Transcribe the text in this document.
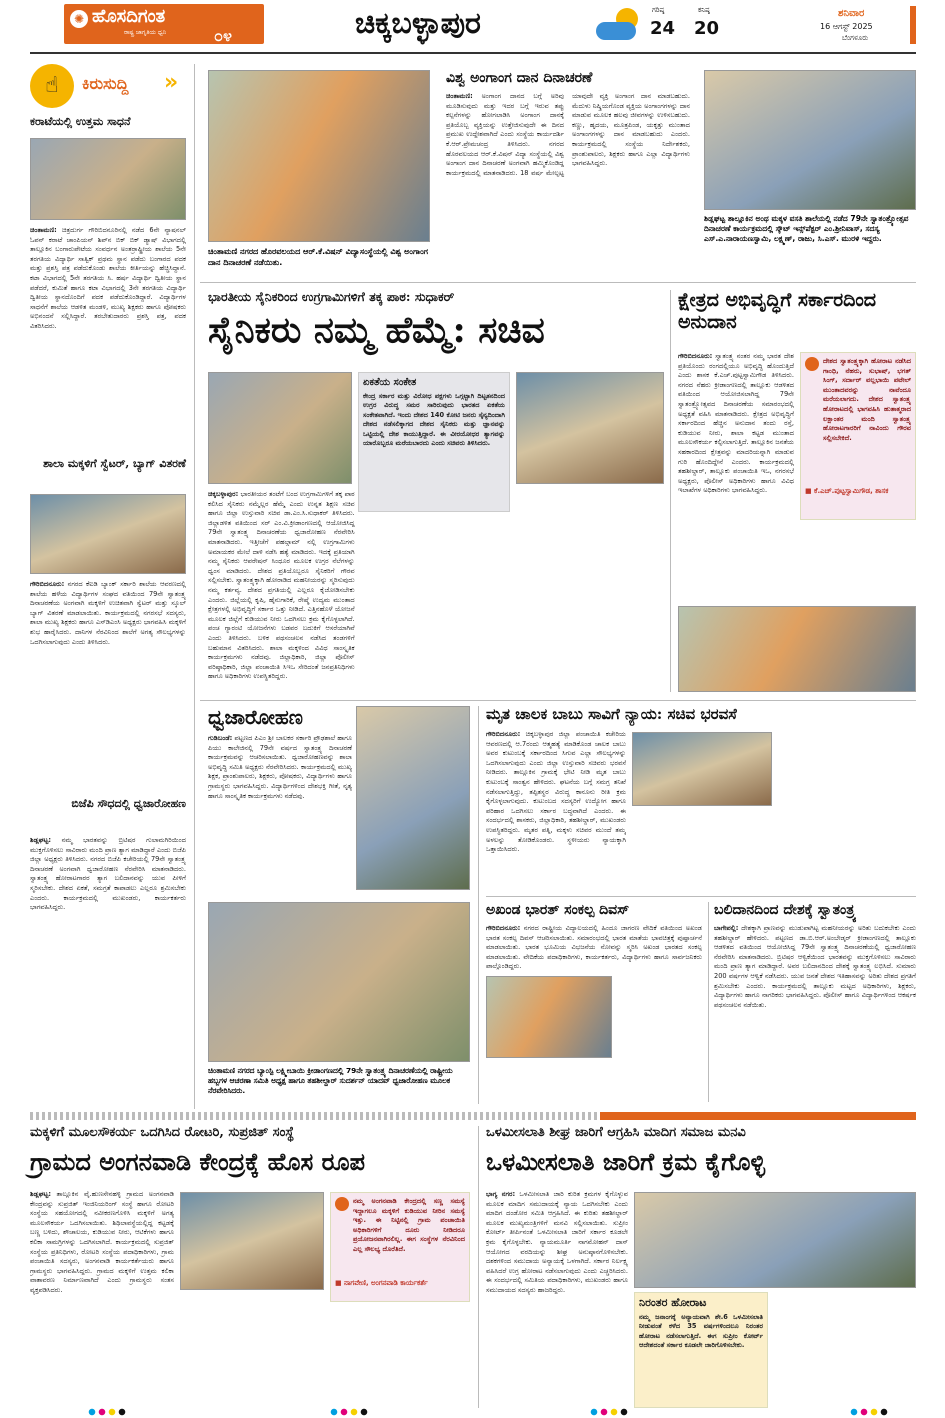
✺ ಹೊಸದಿಗಂತ
ರಾಷ್ಟ್ರ ಜಾಗೃತಿಯ ಧ್ವನಿ	೦೪	ಚಿಕ್ಕಬಳ್ಳಾಪುರ	ಗರಿಷ್ಠ
24
ಕನಿಷ್ಠ
20
ಶನಿವಾರ
16 ಆಗಸ್ಟ್ 2025
ಬೆಂಗಳೂರು
☝	ಕಿರುಸುದ್ದಿ »
ಕರಾಟೆಯಲ್ಲಿ ಉತ್ತಮ ಸಾಧನೆ
ಚಿಂತಾಮಣಿ: ಚಿತ್ರದುರ್ಗ ಗೌರಿಬಿದನೂರಿನಲ್ಲಿ ನಡೆದ 6ನೇ ನ್ಯಾಷನಲ್ ಓಪನ್ ಕರಾಟೆ ಚಾಂಪಿಯನ್ ಶಿಪ್‌ನ ಬಿಕ್ ಬಿಕ್ ಡ್ಯಾಷ್ ವಿಭಾಗದಲ್ಲಿ ತಾಲ್ಲೂಕಿನ ಬಂಗಾರುಪೇಟೆಯ ಸಂವರ್ಧನ ಅಂತರ್ರಾಷ್ಟ್ರೀಯ ಶಾಲೆಯ 5ನೇ ತರಗತಿಯ ವಿದ್ಯಾರ್ಥಿ ಸಾತ್ವಿಕ್ ಪ್ರಥಮ ಸ್ಥಾನ ಪಡೆದು ಬಂಗಾರದ ಪದಕ ಮತ್ತು ಪ್ರಶಸ್ತಿ ಪತ್ರ ಪಡೆದುಕೊಂಡು ಶಾಲೆಯ ಕೀರ್ತಿಯನ್ನು ಹೆಚ್ಚಿಸಿದ್ದಾನೆ. ಕಟಾ ವಿಭಾಗದಲ್ಲಿ 5ನೇ ತರಗತಿಯ ಸಿ. ಹರ್ಷ ವಿದ್ಯಾರ್ಥಿ ದ್ವಿತೀಯ ಸ್ಥಾನ ಪಡೆದರೆ, ಕುಮಿತೆ ಹಾಗೂ ಕಟಾ ವಿಭಾಗದಲ್ಲಿ 3ನೇ ತರಗತಿಯ ವಿದ್ಯಾರ್ಥಿ ದ್ವಿತೀಯ ಸ್ಥಾನದೊಂದಿಗೆ ಪದಕ ಪಡೆದುಕೊಂಡಿದ್ದಾರೆ. ವಿದ್ಯಾರ್ಥಿಗಳ ಸಾಧನೆಗೆ ಶಾಲೆಯ ಆಡಳಿತ ಮಂಡಳಿ, ಮುಖ್ಯ ಶಿಕ್ಷಕರು ಹಾಗೂ ಪೋಷಕರು ಅಭಿನಂದನೆ ಸಲ್ಲಿಸಿದ್ದಾರೆ. ತರಬೇತುದಾರರು ಪ್ರಶಸ್ತಿ ಪತ್ರ, ಪದಕ ವಿತರಿಸಿದರು.
ಶಾಲಾ ಮಕ್ಕಳಿಗೆ ಸ್ವೆಟರ್, ಬ್ಯಾಗ್ ವಿತರಣೆ
ಗೌರಿಬಿದನೂರು: ನಗರದ ಕೆಐಡಿ ಬ್ಯಾಂಕ್ ಸರ್ಕಾರಿ ಶಾಲೆಯ ಆವರಣದಲ್ಲಿ ಶಾಲೆಯ ಹಳೆಯ ವಿದ್ಯಾರ್ಥಿಗಳ ಸಂಘದ ವತಿಯಿಂದ 79ನೇ ಸ್ವಾತಂತ್ರ್ಯ ದಿನಾಚರಣೆಯ ಅಂಗವಾಗಿ ಮಕ್ಕಳಿಗೆ ಉಚಿತವಾಗಿ ಸ್ವೆಟರ್ ಮತ್ತು ಸ್ಕೂಲ್ ಬ್ಯಾಗ್ ವಿತರಣೆ ಮಾಡಲಾಯಿತು. ಕಾರ್ಯಕ್ರಮದಲ್ಲಿ ನಗರಸಭೆ ಸದಸ್ಯರು, ಶಾಲಾ ಮುಖ್ಯ ಶಿಕ್ಷಕರು ಹಾಗೂ ಎಸ್‌ಡಿಎಂಸಿ ಅಧ್ಯಕ್ಷರು ಭಾಗವಹಿಸಿ ಮಕ್ಕಳಿಗೆ ಶುಭ ಹಾರೈಸಿದರು. ದಾನಿಗಳ ನೆರವಿನಿಂದ ಶಾಲೆಗೆ ಅಗತ್ಯ ಸೌಲಭ್ಯಗಳನ್ನು ಒದಗಿಸಲಾಗುವುದು ಎಂದು ತಿಳಿಸಿದರು.
ಬಿಜೆಪಿ ಸೌಧದಲ್ಲಿ ಧ್ವಜಾರೋಹಣ
ಶಿಡ್ಲಘಟ್ಟ: ನಮ್ಮ ಭಾರತವನ್ನು ಬ್ರಿಟಿಷರ ಗುಲಾಮಗಿರಿಯಿಂದ ಮುಕ್ತಗೊಳಿಸಲು ಸಾವಿರಾರು ಮಂದಿ ಪ್ರಾಣ ತ್ಯಾಗ ಮಾಡಿದ್ದಾರೆ ಎಂದು ಬಿಜೆಪಿ ಜಿಲ್ಲಾ ಅಧ್ಯಕ್ಷರು ತಿಳಿಸಿದರು. ನಗರದ ಬಿಜೆಪಿ ಕಚೇರಿಯಲ್ಲಿ 79ನೇ ಸ್ವಾತಂತ್ರ್ಯ ದಿನಾಚರಣೆ ಅಂಗವಾಗಿ ಧ್ವಜಾರೋಹಣ ನೆರವೇರಿಸಿ ಮಾತನಾಡಿದರು. ಸ್ವಾತಂತ್ರ್ಯ ಹೋರಾಟಗಾರರ ತ್ಯಾಗ ಬಲಿದಾನವನ್ನು ಯುವ ಪೀಳಿಗೆ ಸ್ಮರಿಸಬೇಕು. ದೇಶದ ಏಕತೆ, ಸಮಗ್ರತೆ ಕಾಪಾಡಲು ಎಲ್ಲರೂ ಶ್ರಮಿಸಬೇಕು ಎಂದರು. ಕಾರ್ಯಕ್ರಮದಲ್ಲಿ ಮುಖಂಡರು, ಕಾರ್ಯಕರ್ತರು ಭಾಗವಹಿಸಿದ್ದರು.
ಚಿಂತಾಮಣಿ ನಗರದ ಹೊರವಲಯದ ಆರ್.ಕೆ.ವಿಷನ್ ವಿದ್ಯಾಸಂಸ್ಥೆಯಲ್ಲಿ ವಿಶ್ವ ಅಂಗಾಂಗ ದಾನ ದಿನಾಚರಣೆ ನಡೆಯಿತು.
ವಿಶ್ವ ಅಂಗಾಂಗ ದಾನ ದಿನಾಚರಣೆ
ಚಿಂತಾಮಣಿ: ಅಂಗಾಂಗ ದಾನದ ಬಗ್ಗೆ ಅರಿವು ಮೂಡಿಸುವುದು ಮತ್ತು ಇದರ ಬಗ್ಗೆ ಇರುವ ತಪ್ಪು ಕಲ್ಪನೆಗಳನ್ನು ಹೋಗಲಾಡಿಸಿ ಅಂಗಾಂಗ ದಾನಕ್ಕೆ ಪ್ರತಿಯೊಬ್ಬ ವ್ಯಕ್ತಿಯನ್ನು ಉತ್ತೇಜಿಸುವುದೇ ಈ ದಿನದ ಪ್ರಮುಖ ಉದ್ದೇಶವಾಗಿದೆ ಎಂದು ಸಂಸ್ಥೆಯ ಕಾರ್ಯದರ್ಶಿ ಕೆ.ಆರ್.ಪ್ರೇಮಚಂದ್ರ ತಿಳಿಸಿದರು. ನಗರದ ಹೊರವಲಯದ ಆರ್.ಕೆ.ವಿಷನ್ ವಿದ್ಯಾ ಸಂಸ್ಥೆಯಲ್ಲಿ ವಿಶ್ವ ಅಂಗಾಂಗ ದಾನ ದಿನಾಚರಣೆ ಅಂಗವಾಗಿ ಹಮ್ಮಿಕೊಂಡಿದ್ದ ಕಾರ್ಯಕ್ರಮದಲ್ಲಿ ಮಾತನಾಡಿದರು. 18 ವರ್ಷ ಮೇಲ್ಪಟ್ಟ ಯಾವುದೇ ವ್ಯಕ್ತಿ ಅಂಗಾಂಗ ದಾನ ಮಾಡಬಹುದು. ಮೆದುಳು ನಿಷ್ಕ್ರಿಯಗೊಂಡ ವ್ಯಕ್ತಿಯ ಅಂಗಾಂಗಗಳನ್ನು ದಾನ ಮಾಡುವ ಮೂಲಕ ಹಲವು ಜೀವಗಳನ್ನು ಉಳಿಸಬಹುದು. ಕಣ್ಣು, ಹೃದಯ, ಮೂತ್ರಪಿಂಡ, ಯಕೃತ್ತು ಮುಂತಾದ ಅಂಗಾಂಗಗಳನ್ನು ದಾನ ಮಾಡಬಹುದು ಎಂದರು. ಕಾರ್ಯಕ್ರಮದಲ್ಲಿ ಸಂಸ್ಥೆಯ ನಿರ್ದೇಶಕರು, ಪ್ರಾಂಶುಪಾಲರು, ಶಿಕ್ಷಕರು ಹಾಗೂ ಎಲ್ಲಾ ವಿದ್ಯಾರ್ಥಿಗಳು ಭಾಗವಹಿಸಿದ್ದರು.
ಶಿಡ್ಲಘಟ್ಟ ತಾಲ್ಲೂಕಿನ ಅಂಥ ಮಕ್ಕಳ ವಸತಿ ಶಾಲೆಯಲ್ಲಿ ನಡೆದ 79ನೇ ಸ್ವಾತಂತ್ರ್ಯೋತ್ಸವ ದಿನಾಚರಣೆ ಕಾರ್ಯಕ್ರಮದಲ್ಲಿ ಸ್ಕೌಟ್ ಇನ್ಸ್‌ಪೆಕ್ಟರ್ ಎಂ.ಶ್ರೀನಿವಾಸ್, ಸದಸ್ಯ ಎಸ್.ಎ.ನಾರಾಯಣಸ್ವಾಮಿ, ಲಕ್ಷ್ಮಣ್, ರಾಜು, ಸಿ.ಎಸ್. ಮುರಳಿ ಇದ್ದರು.
ಭಾರತೀಯ ಸೈನಿಕರಿಂದ ಉಗ್ರಗಾಮಿಗಳಿಗೆ ತಕ್ಕ ಪಾಠ: ಸುಧಾಕರ್
ಸೈನಿಕರು ನಮ್ಮ ಹೆಮ್ಮೆ: ಸಚಿವ
ಏಕತೆಯ ಸಂಕೇತ
ಕೇಂದ್ರ ಸರ್ಕಾರ ಮತ್ತು ವಿರೋಧ ಪಕ್ಷಗಳು ಒಗ್ಗಟ್ಟಾಗಿ ದಿಟ್ಟತನದಿಂದ ಉಗ್ರರ ವಿರುದ್ಧ ಸಮರ ಸಾರಿರುವುದು ಭಾರತದ ಏಕತೆಯ ಸಂಕೇತವಾಗಿದೆ. ಇಂದು ದೇಶದ 140 ಕೋಟಿ ಜನರು ಸೈನ್ಯದಿಂದಾಗಿ ದೇಶದ ನಡೆಸಲಿಕ್ಕಾಗದ ದೇಶದ ಸೈನಿಕರು ಮತ್ತು ಜ್ಞಾನವನ್ನು ಒಟ್ಟಿಯಲ್ಲಿ ದೇಶ ಕಾಯುತ್ತಿದ್ದಾರೆ. ಈ ವೀರಯೋಧರ ತ್ಯಾಗವನ್ನು ಯಾರೊಬ್ಬರೂ ಮರೆಯಬಾರದು ಎಂದು ಸಚಿವರು ತಿಳಿಸಿದರು.
ಚಿಕ್ಕಬಳ್ಳಾಪುರ: ಭಾರತೀಯರ ತಂಟೆಗೆ ಬಂದ ಉಗ್ರಗಾಮಿಗಳಿಗೆ ತಕ್ಕ ಪಾಠ ಕಲಿಸಿದ ಸೈನಿಕರು ನಮ್ಮೆಲ್ಲರ ಹೆಮ್ಮೆ ಎಂದು ಉನ್ನತ ಶಿಕ್ಷಣ ಸಚಿವ ಹಾಗೂ ಜಿಲ್ಲಾ ಉಸ್ತುವಾರಿ ಸಚಿವ ಡಾ.ಎಂ.ಸಿ.ಸುಧಾಕರ್ ತಿಳಿಸಿದರು. ಜಿಲ್ಲಾಡಳಿತ ವತಿಯಿಂದ ಸರ್ ಎಂ.ವಿ.ಕ್ರೀಡಾಂಗಣದಲ್ಲಿ ಆಯೋಜಿಸಿದ್ದ 79ನೇ ಸ್ವಾತಂತ್ರ್ಯ ದಿನಾಚರಣೆಯ ಧ್ವಜಾರೋಹಣ ನೆರವೇರಿಸಿ ಮಾತನಾಡಿದರು. ಇತ್ತೀಚೆಗೆ ಪಹಲ್ಗಾಮ್ ನಲ್ಲಿ ಉಗ್ರಗಾಮಿಗಳು ಅಮಾಯಕರ ಮೇಲೆ ದಾಳಿ ನಡೆಸಿ ಹತ್ಯೆ ಮಾಡಿದರು. ಇದಕ್ಕೆ ಪ್ರತಿಯಾಗಿ ನಮ್ಮ ಸೈನಿಕರು ಆಪರೇಷನ್ ಸಿಂಧೂರ ಮೂಲಕ ಉಗ್ರರ ನೆಲೆಗಳನ್ನು ಧ್ವಂಸ ಮಾಡಿದರು. ದೇಶದ ಪ್ರತಿಯೊಬ್ಬರೂ ಸೈನಿಕರಿಗೆ ಗೌರವ ಸಲ್ಲಿಸಬೇಕು. ಸ್ವಾತಂತ್ರ್ಯಕ್ಕಾಗಿ ಹೋರಾಡಿದ ಮಹನೀಯರನ್ನು ಸ್ಮರಿಸುವುದು ನಮ್ಮ ಕರ್ತವ್ಯ. ದೇಶದ ಪ್ರಗತಿಯಲ್ಲಿ ಎಲ್ಲರೂ ಕೈಜೋಡಿಸಬೇಕು ಎಂದರು. ಜಿಲ್ಲೆಯಲ್ಲಿ ಕೃಷಿ, ಹೈನುಗಾರಿಕೆ, ರೇಷ್ಮೆ ಉದ್ಯಮ ಮುಂತಾದ ಕ್ಷೇತ್ರಗಳಲ್ಲಿ ಅಭಿವೃದ್ಧಿಗೆ ಸರ್ಕಾರ ಒತ್ತು ನೀಡಿದೆ. ಎತ್ತಿನಹೊಳೆ ಯೋಜನೆ ಮೂಲಕ ಜಿಲ್ಲೆಗೆ ಕುಡಿಯುವ ನೀರು ಒದಗಿಸಲು ಕ್ರಮ ಕೈಗೊಳ್ಳಲಾಗಿದೆ. ಪಂಚ ಗ್ಯಾರಂಟಿ ಯೋಜನೆಗಳು ಬಡವರ ಬದುಕಿಗೆ ಆಸರೆಯಾಗಿವೆ ಎಂದು ತಿಳಿಸಿದರು. ಬಳಿಕ ಪಥಸಂಚಲನ ನಡೆಸಿದ ತಂಡಗಳಿಗೆ ಬಹುಮಾನ ವಿತರಿಸಿದರು. ಶಾಲಾ ಮಕ್ಕಳಿಂದ ವಿವಿಧ ಸಾಂಸ್ಕೃತಿಕ ಕಾರ್ಯಕ್ರಮಗಳು ನಡೆದವು. ಜಿಲ್ಲಾಧಿಕಾರಿ, ಜಿಲ್ಲಾ ಪೊಲೀಸ್ ವರಿಷ್ಠಾಧಿಕಾರಿ, ಜಿಲ್ಲಾ ಪಂಚಾಯಿತಿ ಸಿಇಒ ಸೇರಿದಂತೆ ಜನಪ್ರತಿನಿಧಿಗಳು ಹಾಗೂ ಅಧಿಕಾರಿಗಳು ಉಪಸ್ಥಿತರಿದ್ದರು.
ಕ್ಷೇತ್ರದ ಅಭಿವೃದ್ಧಿಗೆ ಸರ್ಕಾರದಿಂದ ಅನುದಾನ
ಗೌರಿಬಿದನೂರು: ಸ್ವಾತಂತ್ರ್ಯ ನಂತರ ನಮ್ಮ ಭಾರತ ದೇಶ ಪ್ರತಿಯೊಂದು ರಂಗದಲ್ಲಿಯೂ ಅಭಿವೃದ್ಧಿ ಹೊಂದುತ್ತಿದೆ ಎಂದು ಶಾಸಕ ಕೆ.ಎಚ್.ಪುಟ್ಟಸ್ವಾಮಿಗೌಡ ತಿಳಿಸಿದರು. ನಗರದ ನೆಹರು ಕ್ರೀಡಾಂಗಣದಲ್ಲಿ ತಾಲ್ಲೂಕು ಆಡಳಿತದ ವತಿಯಿಂದ ಆಯೋಜಿಸಲಾಗಿದ್ದ 79ನೇ ಸ್ವಾತಂತ್ರ್ಯೋತ್ಸವದ ದಿನಾಚರಣೆಯ ಸಮಾರಂಭದಲ್ಲಿ ಅಧ್ಯಕ್ಷತೆ ವಹಿಸಿ ಮಾತನಾಡಿದರು. ಕ್ಷೇತ್ರದ ಅಭಿವೃದ್ಧಿಗೆ ಸರ್ಕಾರದಿಂದ ಹೆಚ್ಚಿನ ಅನುದಾನ ತಂದು ರಸ್ತೆ, ಕುಡಿಯುವ ನೀರು, ಶಾಲಾ ಕಟ್ಟಡ ಮುಂತಾದ ಮೂಲಸೌಕರ್ಯ ಕಲ್ಪಿಸಲಾಗುತ್ತಿದೆ. ತಾಲ್ಲೂಕಿನ ಜನತೆಯ ಸಹಕಾರದಿಂದ ಕ್ಷೇತ್ರವನ್ನು ಮಾದರಿಯನ್ನಾಗಿ ಮಾಡುವ ಗುರಿ ಹೊಂದಿದ್ದೇನೆ ಎಂದರು. ಕಾರ್ಯಕ್ರಮದಲ್ಲಿ ತಹಶೀಲ್ದಾರ್, ತಾಲ್ಲೂಕು ಪಂಚಾಯಿತಿ ಇಒ, ನಗರಸಭೆ ಅಧ್ಯಕ್ಷರು, ಪೊಲೀಸ್ ಅಧಿಕಾರಿಗಳು ಹಾಗೂ ವಿವಿಧ ಇಲಾಖೆಗಳ ಅಧಿಕಾರಿಗಳು ಭಾಗವಹಿಸಿದ್ದರು.
ದೇಶದ ಸ್ವಾತಂತ್ರ್ಯಕ್ಕಾಗಿ ಹೋರಾಟ ನಡೆಸಿದ ಗಾಂಧಿ, ನೆಹರು, ಸುಭಾಷ್, ಭಗತ್ ಸಿಂಗ್, ಸರ್ದಾರ್ ವಲ್ಲಭಾಯಿ ಪಟೇಲ್ ಮುಂತಾದವರನ್ನು ನಾವೆಂದೂ ಮರೆಯಲಾಗದು. ದೇಶದ ಸ್ವಾತಂತ್ರ್ಯ ಹೋರಾಟದಲ್ಲಿ ಭಾಗವಹಿಸಿ ಹುತಾತ್ಮರಾದ ಲಕ್ಷಾಂತರ ಮಂದಿ ಸ್ವಾತಂತ್ರ್ಯ ಹೋರಾಟಗಾರರಿಗೆ ನಾವಿಂದು ಗೌರವ ಸಲ್ಲಿಸಬೇಕಿದೆ.
■ ಕೆ.ಎಚ್.ಪುಟ್ಟಸ್ವಾಮಿಗೌಡ, ಶಾಸಕ
ಧ್ವಜಾರೋಹಣ
ಗುಡಿಬಂಡೆ: ಪಟ್ಟಣದ ಪಿಎಂ ಶ್ರೀ ಬಾಲಕರ ಸರ್ಕಾರಿ ಪ್ರೌಢಶಾಲೆ ಹಾಗೂ ಪಿಯು ಕಾಲೇಜಿನಲ್ಲಿ 79ನೇ ವರ್ಷದ ಸ್ವಾತಂತ್ರ್ಯ ದಿನಾಚರಣೆ ಕಾರ್ಯಕ್ರಮವನ್ನು ಆಚರಿಸಲಾಯಿತು. ಧ್ವಜಾರೋಹಣವನ್ನು ಶಾಲಾ ಅಭಿವೃದ್ಧಿ ಸಮಿತಿ ಅಧ್ಯಕ್ಷರು ನೆರವೇರಿಸಿದರು. ಕಾರ್ಯಕ್ರಮದಲ್ಲಿ ಮುಖ್ಯ ಶಿಕ್ಷಕ, ಪ್ರಾಂಶುಪಾಲರು, ಶಿಕ್ಷಕರು, ಪೋಷಕರು, ವಿದ್ಯಾರ್ಥಿಗಳು ಹಾಗೂ ಗ್ರಾಮಸ್ಥರು ಭಾಗವಹಿಸಿದ್ದರು. ವಿದ್ಯಾರ್ಥಿಗಳಿಂದ ದೇಶಭಕ್ತಿ ಗೀತೆ, ನೃತ್ಯ ಹಾಗೂ ಸಾಂಸ್ಕೃತಿಕ ಕಾರ್ಯಕ್ರಮಗಳು ನಡೆದವು.
ಚಿಂತಾಮಣಿ ನಗರದ ಬ್ಯಾಂಸ್ಟಿ ಲಕ್ಷ್ಮೀಬಾಯಿ ಕ್ರೀಡಾಂಗಣದಲ್ಲಿ 79ನೇ ಸ್ವಾತಂತ್ರ್ಯ ದಿನಾಚರಣೆಯಲ್ಲಿ ರಾಷ್ಟ್ರೀಯ ಹಬ್ಬಗಳ ಆಚರಣಾ ಸಮಿತಿ ಅಧ್ಯಕ್ಷ ಹಾಗೂ ತಹಶೀಲ್ದಾರ್ ಸುದರ್ಶನ್ ಯಾದವ್ ಧ್ವಜಾರೋಹಣ ಮೂಲಕ ನೆರವೇರಿಸಿದರು.
ಮೃತ ಚಾಲಕ ಬಾಬು ಸಾವಿಗೆ ನ್ಯಾಯ: ಸಚಿವ ಭರವಸೆ
ಗೌರಿಬಿದನೂರು: ಚಿಕ್ಕಬಳ್ಳಾಪುರ ಜಿಲ್ಲಾ ಪಂಚಾಯಿತಿ ಕಚೇರಿಯ ಆವರಣದಲ್ಲಿ ಆ.7ರಂದು ಆತ್ಮಹತ್ಯೆ ಮಾಡಿಕೊಂಡ ಚಾಲಕ ಬಾಬು ಅವರ ಕುಟುಂಬಕ್ಕೆ ಸರ್ಕಾರದಿಂದ ಸಿಗುವ ಎಲ್ಲಾ ಸೌಲಭ್ಯಗಳನ್ನು ಒದಗಿಸಲಾಗುವುದು ಎಂದು ಜಿಲ್ಲಾ ಉಸ್ತುವಾರಿ ಸಚಿವರು ಭರವಸೆ ನೀಡಿದರು. ತಾಲ್ಲೂಕಿನ ಗ್ರಾಮಕ್ಕೆ ಭೇಟಿ ನೀಡಿ ಮೃತ ಬಾಬು ಕುಟುಂಬಕ್ಕೆ ಸಾಂತ್ವನ ಹೇಳಿದರು. ಘಟನೆಯ ಬಗ್ಗೆ ಸಮಗ್ರ ತನಿಖೆ ನಡೆಸಲಾಗುತ್ತಿದ್ದು, ತಪ್ಪಿತಸ್ಥರ ವಿರುದ್ಧ ಕಾನೂನು ರೀತಿ ಕ್ರಮ ಕೈಗೊಳ್ಳಲಾಗುವುದು. ಕುಟುಂಬದ ಸದಸ್ಯರಿಗೆ ಉದ್ಯೋಗ ಹಾಗೂ ಪರಿಹಾರ ಒದಗಿಸಲು ಸರ್ಕಾರ ಬದ್ಧವಾಗಿದೆ ಎಂದರು. ಈ ಸಂದರ್ಭದಲ್ಲಿ ಶಾಸಕರು, ಜಿಲ್ಲಾಧಿಕಾರಿ, ತಹಶೀಲ್ದಾರ್, ಮುಖಂಡರು ಉಪಸ್ಥಿತರಿದ್ದರು. ಮೃತರ ಪತ್ನಿ, ಮಕ್ಕಳು ಸಚಿವರ ಮುಂದೆ ತಮ್ಮ ಅಳಲನ್ನು ತೋಡಿಕೊಂಡರು. ಸ್ಥಳೀಯರು ನ್ಯಾಯಕ್ಕಾಗಿ ಒತ್ತಾಯಿಸಿದರು.
ಅಖಂಡ ಭಾರತ್ ಸಂಕಲ್ಪ ದಿವಸ್
ಗೌರಿಬಿದನೂರು: ನಗರದ ರಾಷ್ಟ್ರೀಯ ವಿದ್ಯಾಲಯದಲ್ಲಿ ಹಿಂದೂ ಜಾಗರಣ ವೇದಿಕೆ ವತಿಯಿಂದ ಅಖಂಡ ಭಾರತ ಸಂಕಲ್ಪ ದಿವಸ್ ಆಚರಿಸಲಾಯಿತು. ಸಮಾರಂಭದಲ್ಲಿ ಭಾರತ ಮಾತೆಯ ಭಾವಚಿತ್ರಕ್ಕೆ ಪುಷ್ಪಾರ್ಚನೆ ಮಾಡಲಾಯಿತು. ಭಾರತ ಭೂಮಿಯ ವಿಭಜನೆಯ ನೋವನ್ನು ಸ್ಮರಿಸಿ ಅಖಂಡ ಭಾರತದ ಸಂಕಲ್ಪ ಮಾಡಲಾಯಿತು. ವೇದಿಕೆಯ ಪದಾಧಿಕಾರಿಗಳು, ಕಾರ್ಯಕರ್ತರು, ವಿದ್ಯಾರ್ಥಿಗಳು ಹಾಗೂ ಸಾರ್ವಜನಿಕರು ಪಾಲ್ಗೊಂಡಿದ್ದರು.
ಬಲಿದಾನದಿಂದ ದೇಶಕ್ಕೆ ಸ್ವಾತಂತ್ರ್ಯ
ಬಾಗೇಪಲ್ಲಿ: ದೇಶಕ್ಕಾಗಿ ಪ್ರಾಣವನ್ನು ಮುಡುಪಾಗಿಟ್ಟ ಮಹನೀಯರನ್ನು ಅರಿತು ಬದುಕಬೇಕು ಎಂದು ತಹಶೀಲ್ದಾರ್ ಹೇಳಿದರು. ಪಟ್ಟಣದ ಡಾ.ಬಿ.ಆರ್.ಅಂಬೇಡ್ಕರ್ ಕ್ರೀಡಾಂಗಣದಲ್ಲಿ ತಾಲ್ಲೂಕು ಆಡಳಿತದ ವತಿಯಿಂದ ಆಯೋಜಿಸಿದ್ದ 79ನೇ ಸ್ವಾತಂತ್ರ್ಯ ದಿನಾಚರಣೆಯಲ್ಲಿ ಧ್ವಜಾರೋಹಣ ನೆರವೇರಿಸಿ ಮಾತನಾಡಿದರು. ಬ್ರಿಟಿಷರ ಆಳ್ವಿಕೆಯಿಂದ ಭಾರತವನ್ನು ಮುಕ್ತಗೊಳಿಸಲು ಸಾವಿರಾರು ಮಂದಿ ಪ್ರಾಣ ತ್ಯಾಗ ಮಾಡಿದ್ದಾರೆ. ಅವರ ಬಲಿದಾನದಿಂದ ದೇಶಕ್ಕೆ ಸ್ವಾತಂತ್ರ್ಯ ಲಭಿಸಿದೆ. ಸುಮಾರು 200 ವರ್ಷಗಳ ಆಳ್ವಿಕೆ ನಡೆಸಿದರು. ಯುವ ಜನತೆ ದೇಶದ ಇತಿಹಾಸವನ್ನು ಅರಿತು ದೇಶದ ಪ್ರಗತಿಗೆ ಶ್ರಮಿಸಬೇಕು ಎಂದರು. ಕಾರ್ಯಕ್ರಮದಲ್ಲಿ ತಾಲ್ಲೂಕು ಮಟ್ಟದ ಅಧಿಕಾರಿಗಳು, ಶಿಕ್ಷಕರು, ವಿದ್ಯಾರ್ಥಿಗಳು ಹಾಗೂ ನಾಗರಿಕರು ಭಾಗವಹಿಸಿದ್ದರು. ಪೊಲೀಸ್ ಹಾಗೂ ವಿದ್ಯಾರ್ಥಿಗಳಿಂದ ಆಕರ್ಷಕ ಪಥಸಂಚಲನ ನಡೆಯಿತು.
ಮಕ್ಕಳಿಗೆ ಮೂಲಸೌಕರ್ಯ ಒದಗಿಸಿದ ರೋಟರಿ, ಸುಪ್ರಜಿತ್ ಸಂಸ್ಥೆ
ಗ್ರಾಮದ ಅಂಗನವಾಡಿ ಕೇಂದ್ರಕ್ಕೆ ಹೊಸ ರೂಪ
ಶಿಡ್ಲಘಟ್ಟ: ತಾಲ್ಲೂಕಿನ ವೈ.ಹುಣಸೇನಹಳ್ಳಿ ಗ್ರಾಮದ ಅಂಗನವಾಡಿ ಕೇಂದ್ರವನ್ನು ಸುಪ್ರಜಿತ್ ಇಂಜಿನಿಯರಿಂಗ್ ಸಂಸ್ಥೆ ಹಾಗೂ ರೋಟರಿ ಸಂಸ್ಥೆಯ ಸಹಯೋಗದಲ್ಲಿ ನವೀಕರಣಗೊಳಿಸಿ ಮಕ್ಕಳಿಗೆ ಅಗತ್ಯ ಮೂಲಸೌಕರ್ಯ ಒದಗಿಸಲಾಯಿತು. ಶಿಥಿಲಾವಸ್ಥೆಯಲ್ಲಿದ್ದ ಕಟ್ಟಡಕ್ಕೆ ಬಣ್ಣ ಬಳಿದು, ಶೌಚಾಲಯ, ಕುಡಿಯುವ ನೀರು, ಆಟಿಕೆಗಳು ಹಾಗೂ ಕಲಿಕಾ ಸಾಮಗ್ರಿಗಳನ್ನು ಒದಗಿಸಲಾಗಿದೆ. ಕಾರ್ಯಕ್ರಮದಲ್ಲಿ ಸುಪ್ರಜಿತ್ ಸಂಸ್ಥೆಯ ಪ್ರತಿನಿಧಿಗಳು, ರೋಟರಿ ಸಂಸ್ಥೆಯ ಪದಾಧಿಕಾರಿಗಳು, ಗ್ರಾಮ ಪಂಚಾಯಿತಿ ಸದಸ್ಯರು, ಅಂಗನವಾಡಿ ಕಾರ್ಯಕರ್ತೆಯರು ಹಾಗೂ ಗ್ರಾಮಸ್ಥರು ಭಾಗವಹಿಸಿದ್ದರು. ಗ್ರಾಮದ ಮಕ್ಕಳಿಗೆ ಉತ್ತಮ ಕಲಿಕಾ ವಾತಾವರಣ ನಿರ್ಮಾಣವಾಗಿದೆ ಎಂದು ಗ್ರಾಮಸ್ಥರು ಸಂತಸ ವ್ಯಕ್ತಪಡಿಸಿದರು.
ನಮ್ಮ ಅಂಗನವಾಡಿ ಕೇಂದ್ರದಲ್ಲಿ ಸಣ್ಣ ಸಮಸ್ಯೆ ಇದ್ದಾಗಲೂ ಮಕ್ಕಳಿಗೆ ಕುಡಿಯುವ ನೀರಿನ ಸಮಸ್ಯೆ ಇತ್ತು. ಈ ನಿಟ್ಟಿನಲ್ಲಿ ಗ್ರಾಮ ಪಂಚಾಯಿತಿ ಅಧಿಕಾರಿಗಳಿಗೆ ದೂರು ನೀಡಿದರೂ ಪ್ರಯೋಜನವಾಗಿರಲಿಲ್ಲ. ಈಗ ಸಂಸ್ಥೆಗಳ ನೆರವಿನಿಂದ ಎಲ್ಲ ಸೌಲಭ್ಯ ದೊರೆತಿದೆ.
■ ನಾಗವೇಣಿ, ಅಂಗನವಾಡಿ ಕಾರ್ಯಕರ್ತೆ
ಒಳಮೀಸಲಾತಿ ಶೀಘ್ರ ಜಾರಿಗೆ ಆಗ್ರಹಿಸಿ ಮಾದಿಗ ಸಮಾಜ ಮನವಿ
ಒಳಮೀಸಲಾತಿ ಜಾರಿಗೆ ಕ್ರಮ ಕೈಗೊಳ್ಳಿ
ಭಾಗ್ಯ ನಗರ: ಒಳಮೀಸಲಾತಿ ಜಾರಿ ಕುರಿತ ಕ್ರಮಗಳ ಕೈಗೊಳ್ಳುವ ಮೂಲಕ ಮಾದಿಗ ಸಮುದಾಯಕ್ಕೆ ನ್ಯಾಯ ಒದಗಿಸಬೇಕು ಎಂದು ಮಾದಿಗ ದಂಡೋರ ಸಮಿತಿ ಆಗ್ರಹಿಸಿದೆ. ಈ ಕುರಿತು ತಹಶೀಲ್ದಾರ್ ಮೂಲಕ ಮುಖ್ಯಮಂತ್ರಿಗಳಿಗೆ ಮನವಿ ಸಲ್ಲಿಸಲಾಯಿತು. ಸುಪ್ರೀಂ ಕೋರ್ಟ್ ತೀರ್ಪಿನಂತೆ ಒಳಮೀಸಲಾತಿ ಜಾರಿಗೆ ಸರ್ಕಾರ ಕೂಡಲೇ ಕ್ರಮ ಕೈಗೊಳ್ಳಬೇಕು. ನ್ಯಾಯಮೂರ್ತಿ ನಾಗಮೋಹನ್ ದಾಸ್ ಆಯೋಗದ ವರದಿಯನ್ನು ಶೀಘ್ರ ಅನುಷ್ಠಾನಗೊಳಿಸಬೇಕು. ದಶಕಗಳಿಂದ ಸಮುದಾಯ ಅನ್ಯಾಯಕ್ಕೆ ಒಳಗಾಗಿದೆ. ಸರ್ಕಾರ ನಿರ್ಲಕ್ಷ್ಯ ವಹಿಸಿದರೆ ಉಗ್ರ ಹೋರಾಟ ನಡೆಸಲಾಗುವುದು ಎಂದು ಎಚ್ಚರಿಸಿದರು. ಈ ಸಂದರ್ಭದಲ್ಲಿ ಸಮಿತಿಯ ಪದಾಧಿಕಾರಿಗಳು, ಮುಖಂಡರು ಹಾಗೂ ಸಮುದಾಯದ ಸದಸ್ಯರು ಹಾಜರಿದ್ದರು.
ನಿರಂತರ ಹೋರಾಟ
ನಮ್ಮ ಜನಾಂಗಕ್ಕೆ ಅನ್ಯಾಯವಾಗಿ ಶೇ.6 ಒಳಮೀಸಲಾತಿ ನೀಡುವಂತೆ ಕಳೆದ 35 ವರ್ಷಗಳಿಂದಲೂ ನಿರಂತರ ಹೋರಾಟ ನಡೆಸಲಾಗುತ್ತಿದೆ. ಈಗ ಸುಪ್ರೀಂ ಕೋರ್ಟ್ ಆದೇಶದಂತೆ ಸರ್ಕಾರ ಕೂಡಲೇ ಜಾರಿಗೊಳಿಸಬೇಕು.
